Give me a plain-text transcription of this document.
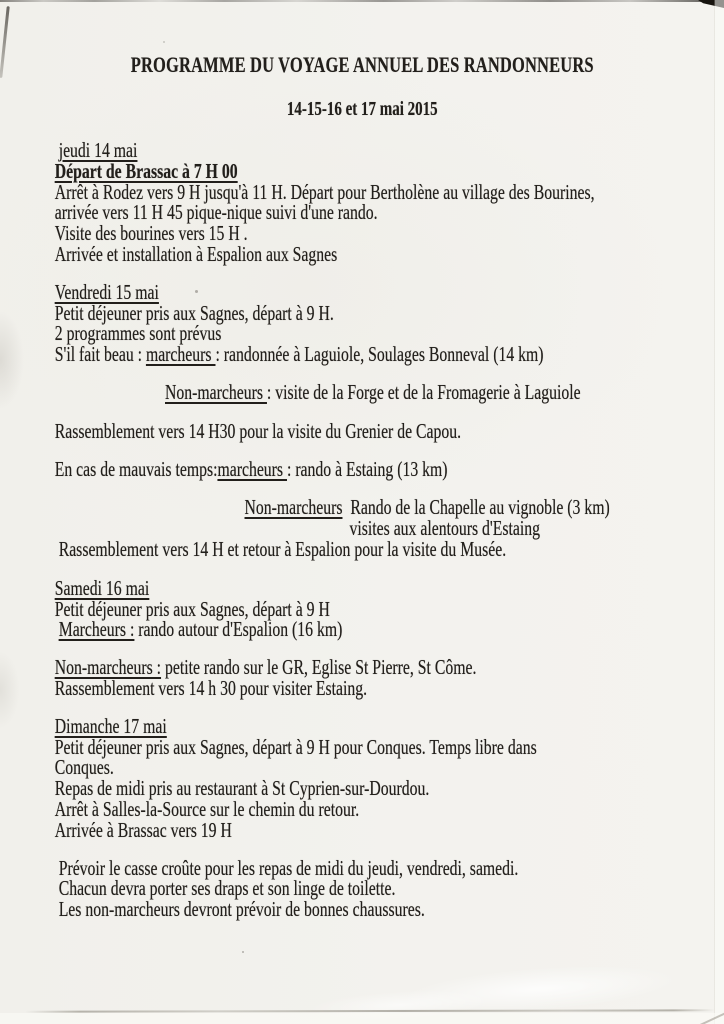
PROGRAMME DU VOYAGE ANNUEL DES RANDONNEURS
14-15-16 et 17 mai 2015
jeudi 14 mai
Départ de Brassac à 7 H 00
Arrêt à Rodez vers 9 H jusqu'à 11 H. Départ pour Bertholène au village des Bourines,
arrivée vers 11 H 45 pique-nique suivi d'une rando.
Visite des bourines vers 15 H .
Arrivée et installation à Espalion aux Sagnes
Vendredi 15 mai
Petit déjeuner pris aux Sagnes, départ à 9 H.
2 programmes sont prévus
S'il fait beau : marcheurs : randonnée à Laguiole, Soulages Bonneval (14 km)
Non-marcheurs : visite de la Forge et de la Fromagerie à Laguiole
Rassemblement vers 14 H30 pour la visite du Grenier de Capou.
En cas de mauvais temps:marcheurs : rando à Estaing (13 km)
Non-marcheurs  Rando de la Chapelle au vignoble (3 km)
visites aux alentours d'Estaing
Rassemblement vers 14 H et retour à Espalion pour la visite du Musée.
Samedi 16 mai
Petit déjeuner pris aux Sagnes, départ à 9 H
Marcheurs : rando autour d'Espalion (16 km)
Non-marcheurs : petite rando sur le GR, Eglise St Pierre, St Côme.
Rassemblement vers 14 h 30 pour visiter Estaing.
Dimanche 17 mai
Petit déjeuner pris aux Sagnes, départ à 9 H pour Conques. Temps libre dans
Conques.
Repas de midi pris au restaurant à St Cyprien-sur-Dourdou.
Arrêt à Salles-la-Source sur le chemin du retour.
Arrivée à Brassac vers 19 H
Prévoir le casse croûte pour les repas de midi du jeudi, vendredi, samedi.
Chacun devra porter ses draps et son linge de toilette.
Les non-marcheurs devront prévoir de bonnes chaussures.
